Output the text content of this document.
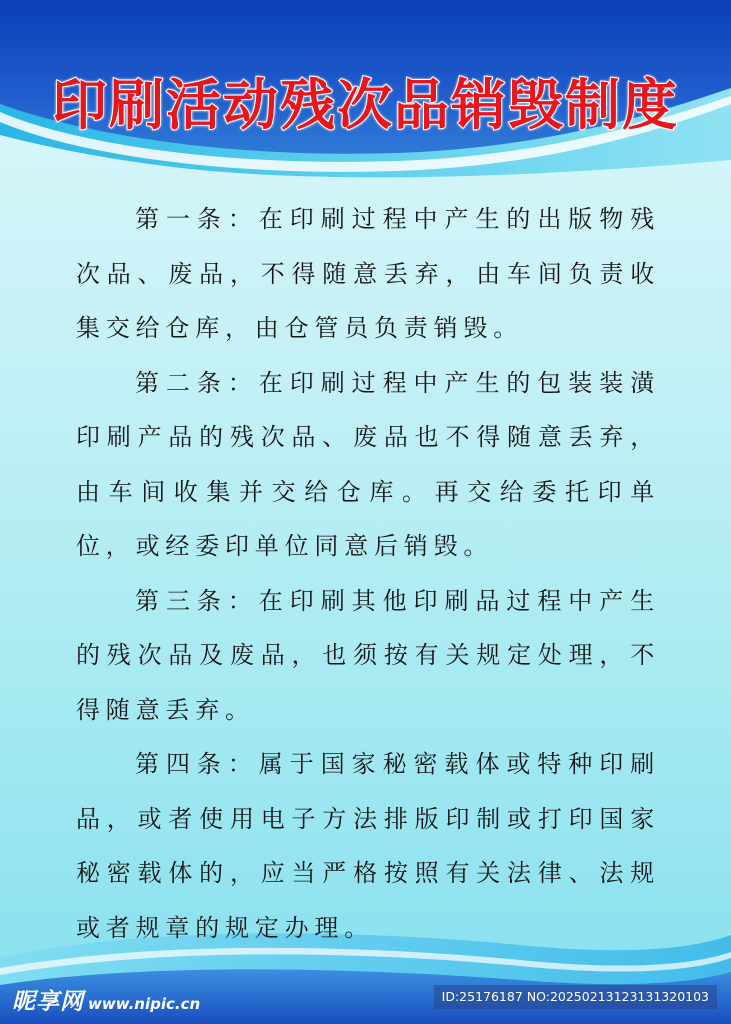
印刷活动残次品销毁制度

第一条：在印刷过程中产生的出版物残次品、废品，不得随意丢弃，由车间负责收集交给仓库，由仓管员负责销毁。

第二条：在印刷过程中产生的包装装潢印刷产品的残次品、废品也不得随意丢弃，由车间收集并交给仓库。再交给委托印单位，或经委印单位同意后销毁。

第三条：在印刷其他印刷品过程中产生的残次品及废品，也须按有关规定处理，不得随意丢弃。

第四条：属于国家秘密载体或特种印刷品，或者使用电子方法排版印制或打印国家秘密载体的，应当严格按照有关法律、法规或者规章的规定办理。

昵享网 www.nipic.cn	ID:25176187 NO:20250213123131320103
